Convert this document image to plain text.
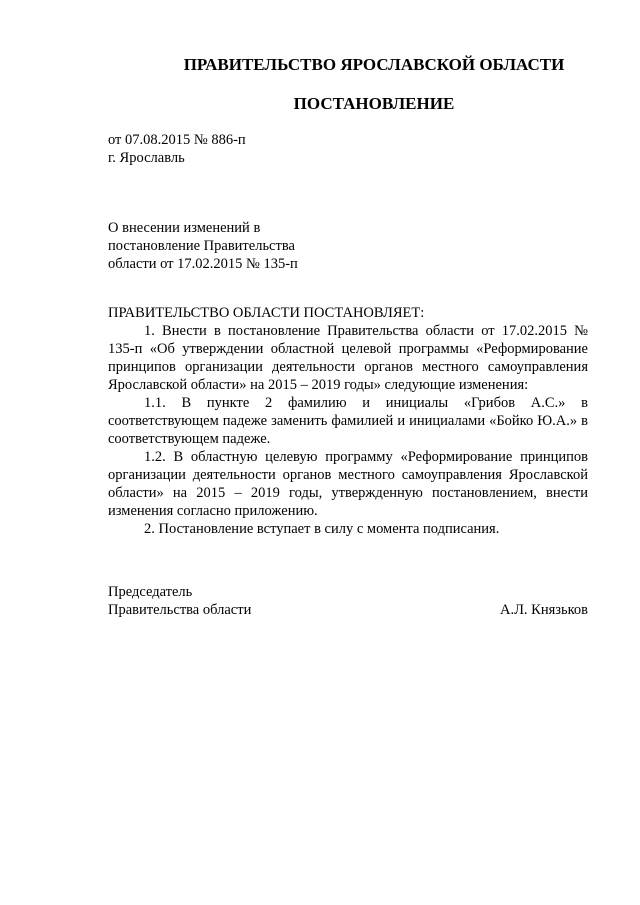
ПРАВИТЕЛЬСТВО ЯРОСЛАВСКОЙ ОБЛАСТИ
ПОСТАНОВЛЕНИЕ
от 07.08.2015 № 886-п
г. Ярославль
О внесении изменений в
постановление Правительства
области от 17.02.2015 № 135-п

ПРАВИТЕЛЬСТВО ОБЛАСТИ ПОСТАНОВЛЯЕТ:

1. Внести в постановление Правительства области от 17.02.2015 № 135-п «Об утверждении областной целевой программы «Реформирование принципов организации деятельности органов местного самоуправления Ярославской области» на 2015 – 2019 годы» следующие изменения:

1.1. В пункте 2 фамилию и инициалы «Грибов А.С.» в соответствующем падеже заменить фамилией и инициалами «Бойко Ю.А.» в соответствующем падеже.

1.2. В областную целевую программу «Реформирование принципов организации деятельности органов местного самоуправления Ярославской области» на 2015 – 2019 годы, утвержденную постановлением, внести изменения согласно приложению.

2. Постановление вступает в силу с момента подписания.

Председатель
Правительства области	А.Л. Князьков
